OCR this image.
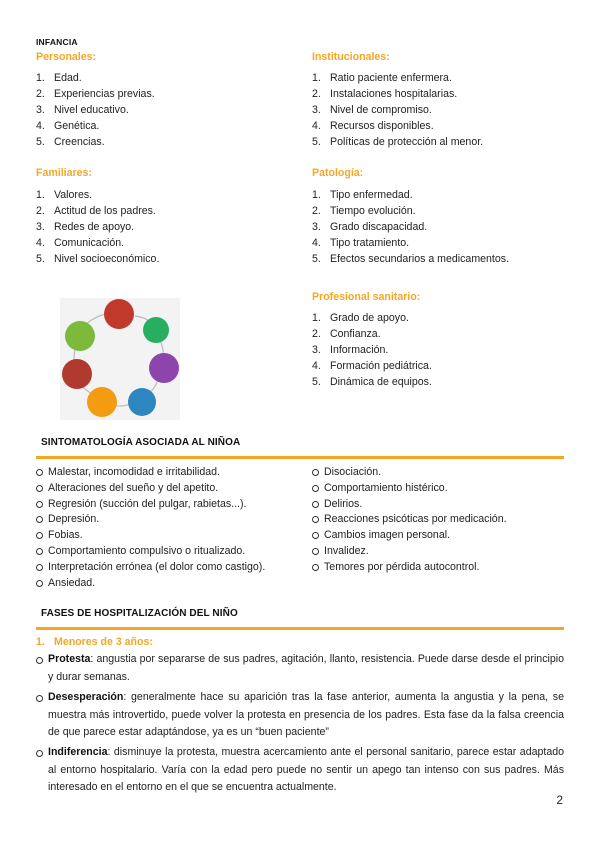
INFANCIA
Personales:
1. Edad.
2. Experiencias previas.
3. Nivel educativo.
4. Genética.
5. Creencias.
Familiares:
1. Valores.
2. Actitud de los padres.
3. Redes de apoyo.
4. Comunicación.
5. Nivel socioeconómico.
Institucionales:
1. Ratio paciente enfermera.
2. Instalaciones hospitalarias.
3. Nivel de compromiso.
4. Recursos disponibles.
5. Políticas de protección al menor.
Patología:
1. Tipo enfermedad.
2. Tiempo evolución.
3. Grado discapacidad.
4. Tipo tratamiento.
5. Efectos secundarios a medicamentos.
Profesional sanitario:
1. Grado de apoyo.
2. Confianza.
3. Información.
4. Formación pediátrica.
5. Dinámica de equipos.
SINTOMATOLOGÍA ASOCIADA AL NIÑOA
Malestar, incomodidad e irritabilidad.
Alteraciones del sueño y del apetito.
Regresión (succión del pulgar, rabietas...).
Depresión.
Fobias.
Comportamiento compulsivo o ritualizado.
Interpretación errónea (el dolor como castigo).
Ansiedad.
Disociación.
Comportamiento histérico.
Delirios.
Reacciones psicóticas por medicación.
Cambios imagen personal.
Invalidez.
Temores por pérdida autocontrol.
FASES DE HOSPITALIZACIÓN DEL NIÑO
1. Menores de 3 años:
Protesta: angustia por separarse de sus padres, agitación, llanto, resistencia. Puede darse desde el principio y durar semanas.
Desesperación: generalmente hace su aparición tras la fase anterior, aumenta la angustia y la pena, se muestra más introvertido, puede volver la protesta en presencia de los padres. Esta fase da la falsa creencia de que parece estar adaptándose, ya es un “buen paciente”
Indiferencia: disminuye la protesta, muestra acercamiento ante el personal sanitario, parece estar adaptado al entorno hospitalario. Varía con la edad pero puede no sentir un apego tan intenso con sus padres. Más interesado en el entorno en el que se encuentra actualmente.
2
